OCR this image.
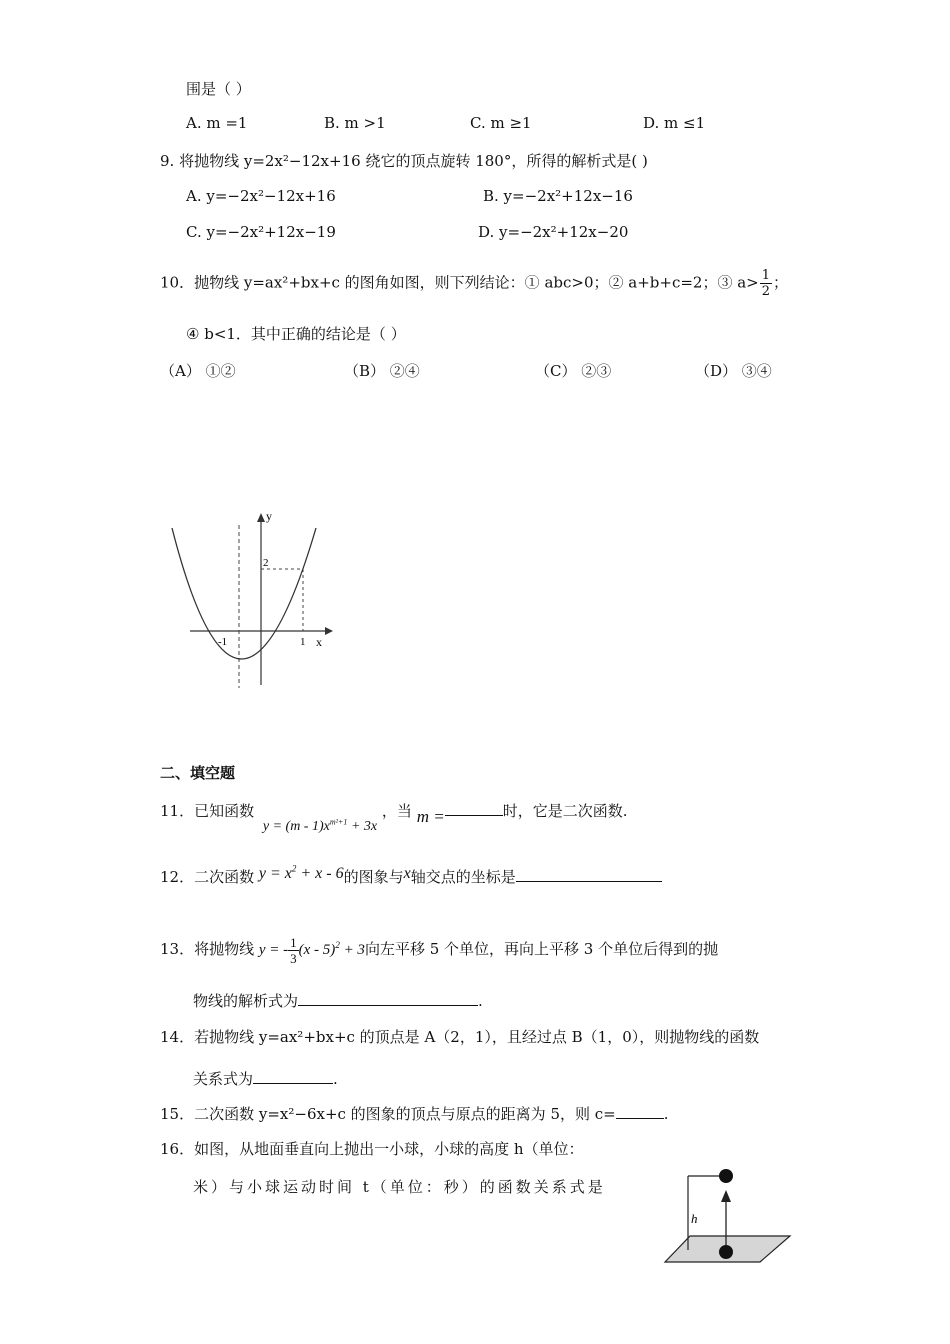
围是（ ）
A. m =1	B. m >1	C. m ≥1	D. m ≤1
9. 将抛物线 y=2x²−12x+16 绕它的顶点旋转 180°，所得的解析式是( )
A. y=−2x²−12x+16	B. y=−2x²+12x−16
C. y=−2x²+12x−19	D. y=−2x²+12x−20
10．抛物线 y=ax²+bx+c 的图角如图，则下列结论：① abc>0；② a+b+c=2；③ $a> \frac{1}{2}$ ；
④ b<1．其中正确的结论是（ ）
（A） ①②	（B） ②④	（C） ②③	（D） ③④
y
x
2
-1	1
二、填空题
11．已知函数 $y = (m - 1)x^{m^2+1} + 3x$ ，当 m =	时，它是二次函数.
12．二次函数 $y = x^2 + x - 6$的图象与x轴交点的坐标是
13．将抛物线 y = - $\frac{1}{3} (x - 5)^2 + 3$向左平移 5 个单位，再向上平移 3 个单位后得到的抛
物线的解析式为	.
14．若抛物线 y=ax²+bx+c 的顶点是 A（2，1），且经过点 B（1，0），则抛物线的函数
关系式为	.
15．二次函数 y=x²−6x+c 的图象的顶点与原点的距离为 5，则 c=	.
16．如图，从地面垂直向上抛出一小球，小球的高度 h（单位：
米）与小球运动时间 t（单位：秒）的函数关系式是
h
